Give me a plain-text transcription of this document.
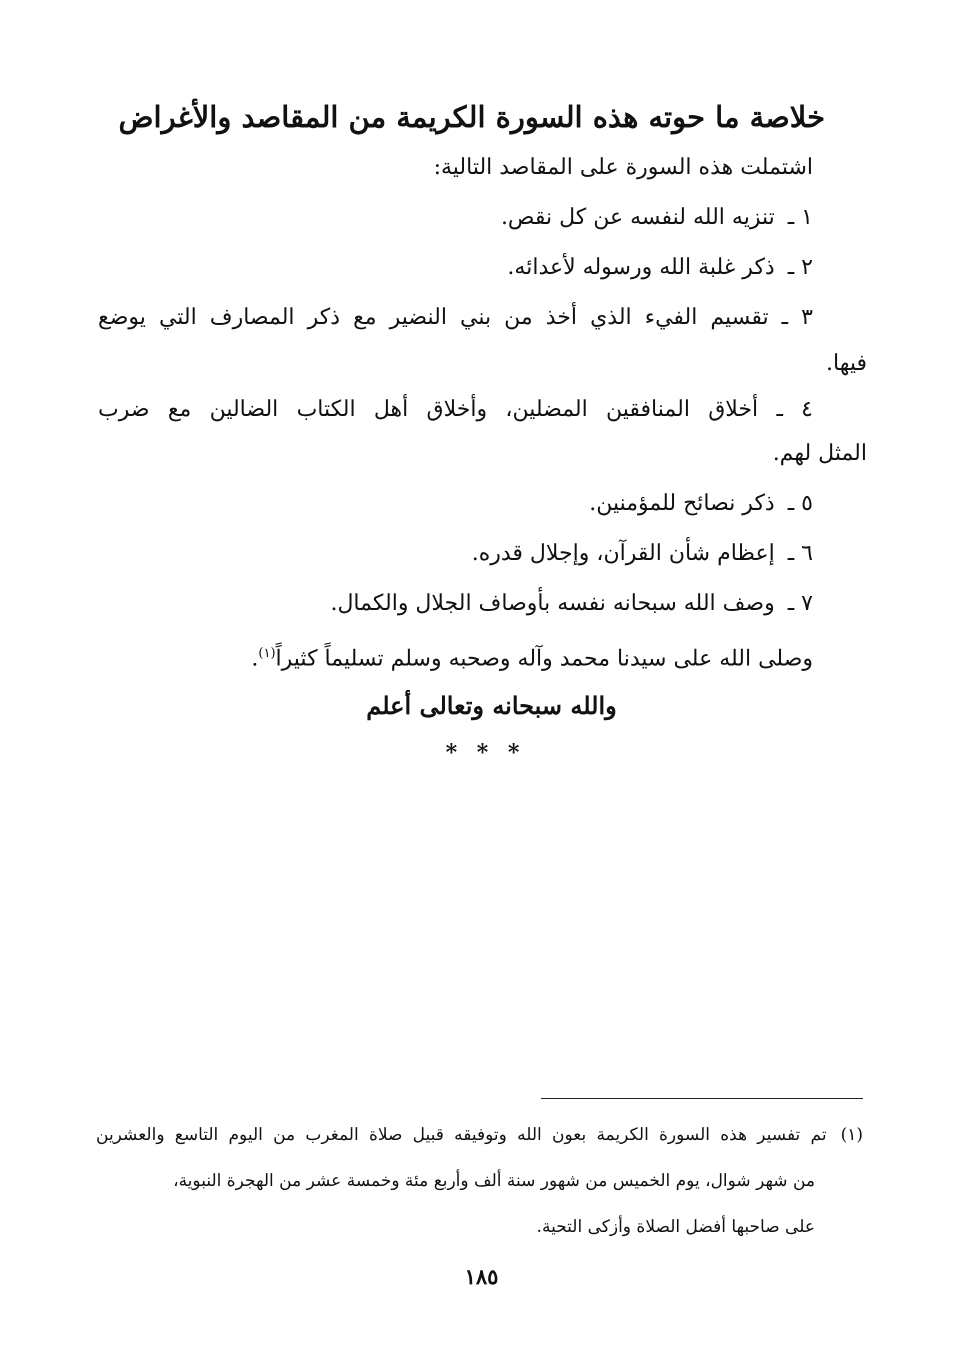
خلاصة ما حوته هذه السورة الكريمة من المقاصد والأغراض
اشتملت هذه السورة على المقاصد التالية:
١ ـ تنزيه الله لنفسه عن كل نقص.
٢ ـ ذكر غلبة الله ورسوله لأعدائه.
٣ ـ تقسيم الفيء الذي أخذ من بني النضير مع ذكر المصارف التي يوضع
فيها.
٤ ـ أخلاق المنافقين المضلين، وأخلاق أهل الكتاب الضالين مع ضرب
المثل لهم.
٥ ـ ذكر نصائح للمؤمنين.
٦ ـ إعظام شأن القرآن، وإجلال قدره.
٧ ـ وصف الله سبحانه نفسه بأوصاف الجلال والكمال.
وصلى الله على سيدنا محمد وآله وصحبه وسلم تسليماً كثيراً$^{(١)}$.
والله سبحانه وتعالى أعلم
* * *
(١)تم تفسير هذه السورة الكريمة بعون الله وتوفيقه قبيل صلاة المغرب من اليوم التاسع والعشرين
من شهر شوال، يوم الخميس من شهور سنة ألف وأربع مئة وخمسة عشر من الهجرة النبوية،
على صاحبها أفضل الصلاة وأزكى التحية.
١٨٥
